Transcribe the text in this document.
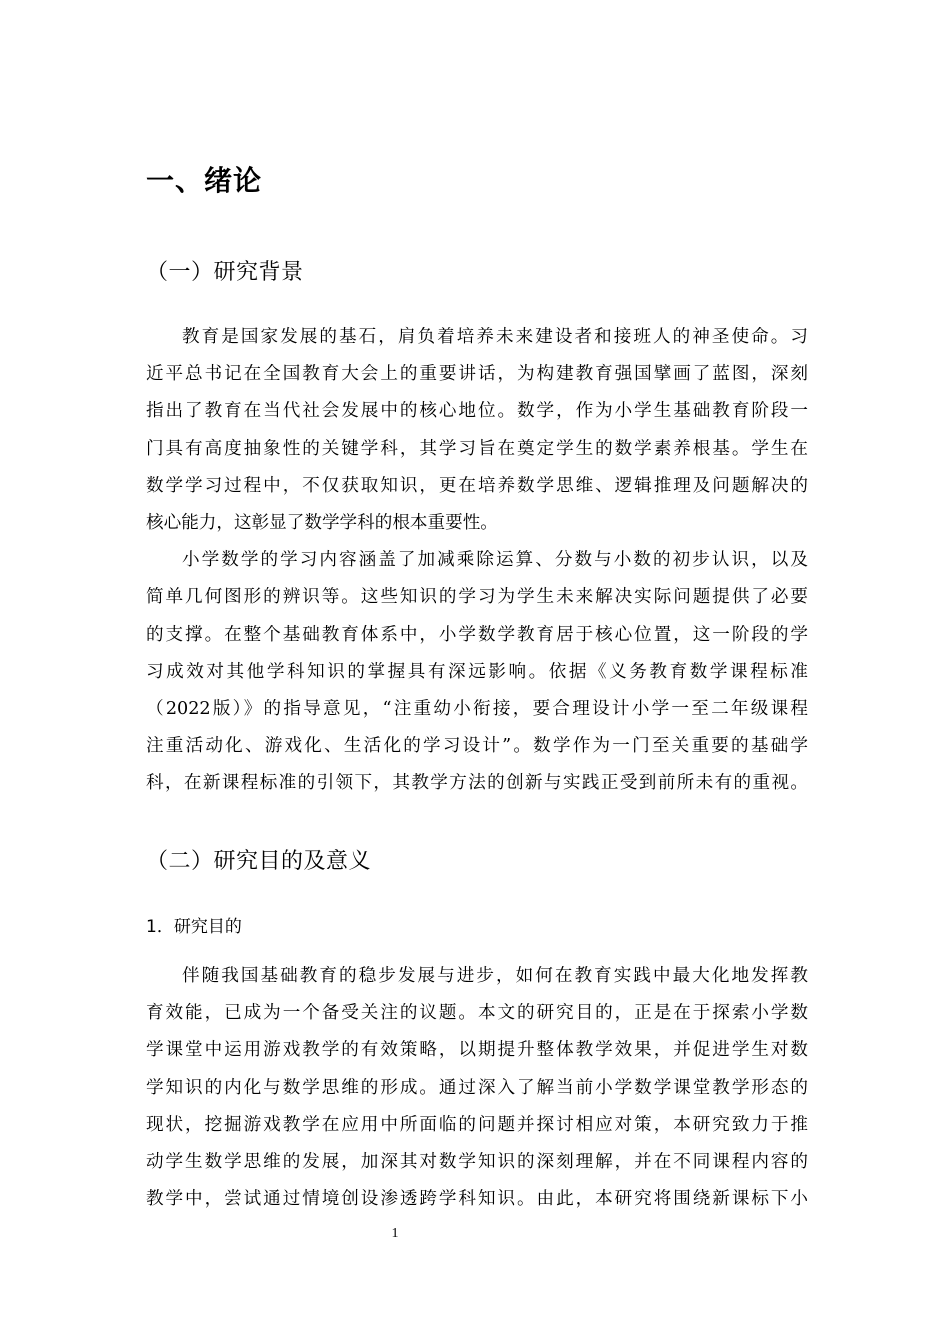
一、绪论
（一）研究背景
教育是国家发展的基石，肩负着培养未来建设者和接班人的神圣使命。习
近平总书记在全国教育大会上的重要讲话，为构建教育强国擘画了蓝图，深刻
指出了教育在当代社会发展中的核心地位。数学，作为小学生基础教育阶段一
门具有高度抽象性的关键学科，其学习旨在奠定学生的数学素养根基。学生在
数学学习过程中，不仅获取知识，更在培养数学思维、逻辑推理及问题解决的
核心能力，这彰显了数学学科的根本重要性。
小学数学的学习内容涵盖了加减乘除运算、分数与小数的初步认识，以及
简单几何图形的辨识等。这些知识的学习为学生未来解决实际问题提供了必要
的支撑。在整个基础教育体系中，小学数学教育居于核心位置，这一阶段的学
习成效对其他学科知识的掌握具有深远影响。依据《义务教育数学课程标准
（2022版）》的指导意见，“注重幼小衔接，要合理设计小学一至二年级课程
注重活动化、游戏化、生活化的学习设计”。数学作为一门至关重要的基础学
科，在新课程标准的引领下，其教学方法的创新与实践正受到前所未有的重视。
（二）研究目的及意义
1．研究目的
伴随我国基础教育的稳步发展与进步，如何在教育实践中最大化地发挥教
育效能，已成为一个备受关注的议题。本文的研究目的，正是在于探索小学数
学课堂中运用游戏教学的有效策略，以期提升整体教学效果，并促进学生对数
学知识的内化与数学思维的形成。通过深入了解当前小学数学课堂教学形态的
现状，挖掘游戏教学在应用中所面临的问题并探讨相应对策，本研究致力于推
动学生数学思维的发展，加深其对数学知识的深刻理解，并在不同课程内容的
教学中，尝试通过情境创设渗透跨学科知识。由此，本研究将围绕新课标下小
1
